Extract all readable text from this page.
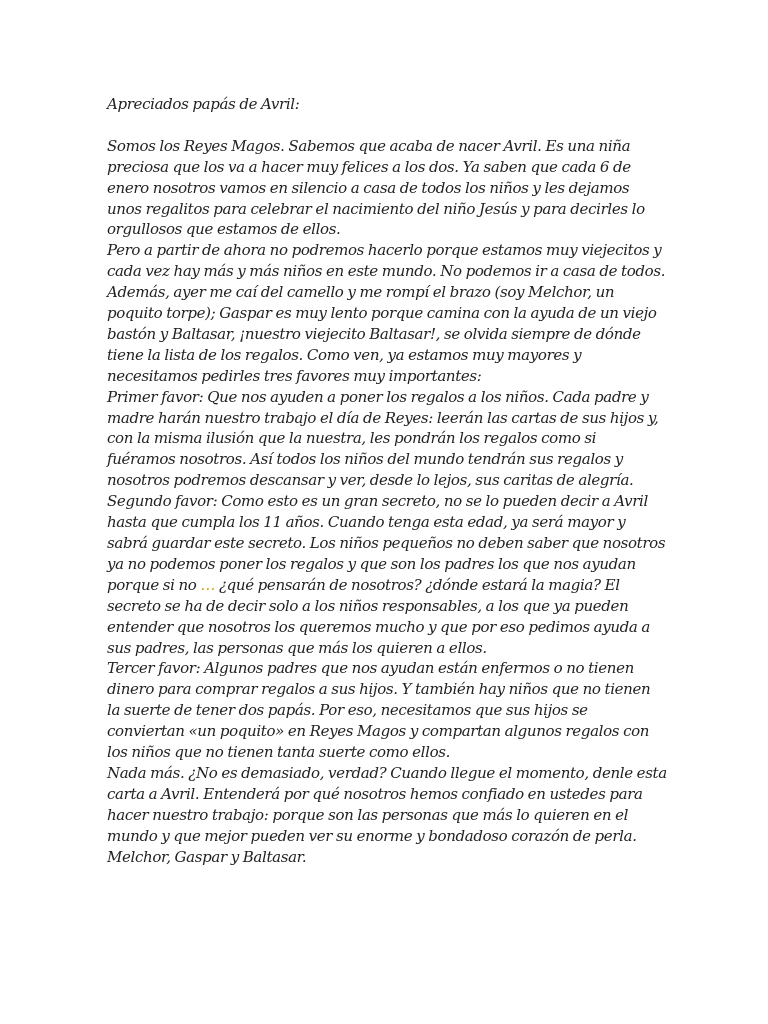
Apreciados papás de Avril:

Somos los Reyes Magos. Sabemos que acaba de nacer Avril. Es una niña preciosa que los va a hacer muy felices a los dos. Ya saben que cada 6 de enero nosotros vamos en silencio a casa de todos los niños y les dejamos unos regalitos para celebrar el nacimiento del niño Jesús y para decirles lo orgullosos que estamos de ellos.

Pero a partir de ahora no podremos hacerlo porque estamos muy viejecitos y cada vez hay más y más niños en este mundo. No podemos ir a casa de todos. Además, ayer me caí del camello y me rompí el brazo (soy Melchor, un poquito torpe); Gaspar es muy lento porque camina con la ayuda de un viejo bastón y Baltasar, ¡nuestro viejecito Baltasar!, se olvida siempre de dónde tiene la lista de los regalos. Como ven, ya estamos muy mayores y necesitamos pedirles tres favores muy importantes:

Primer favor: Que nos ayuden a poner los regalos a los niños. Cada padre y madre harán nuestro trabajo el día de Reyes: leerán las cartas de sus hijos y, con la misma ilusión que la nuestra, les pondrán los regalos como si fuéramos nosotros. Así todos los niños del mundo tendrán sus regalos y nosotros podremos descansar y ver, desde lo lejos, sus caritas de alegría.

Segundo favor: Como esto es un gran secreto, no se lo pueden decir a Avril hasta que cumpla los 11 años. Cuando tenga esta edad, ya será mayor y sabrá guardar este secreto. Los niños pequeños no deben saber que nosotros ya no podemos poner los regalos y que son los padres los que nos ayudan porque si no … ¿qué pensarán de nosotros? ¿dónde estará la magia? El secreto se ha de decir solo a los niños responsables, a los que ya pueden entender que nosotros los queremos mucho y que por eso pedimos ayuda a sus padres, las personas que más los quieren a ellos.

Tercer favor: Algunos padres que nos ayudan están enfermos o no tienen dinero para comprar regalos a sus hijos. Y también hay niños que no tienen la suerte de tener dos papás. Por eso, necesitamos que sus hijos se conviertan «un poquito» en Reyes Magos y compartan algunos regalos con los niños que no tienen tanta suerte como ellos.

Nada más. ¿No es demasiado, verdad? Cuando llegue el momento, denle esta carta a Avril. Entenderá por qué nosotros hemos confiado en ustedes para hacer nuestro trabajo: porque son las personas que más lo quieren en el mundo y que mejor pueden ver su enorme y bondadoso corazón de perla.

Melchor, Gaspar y Baltasar.
